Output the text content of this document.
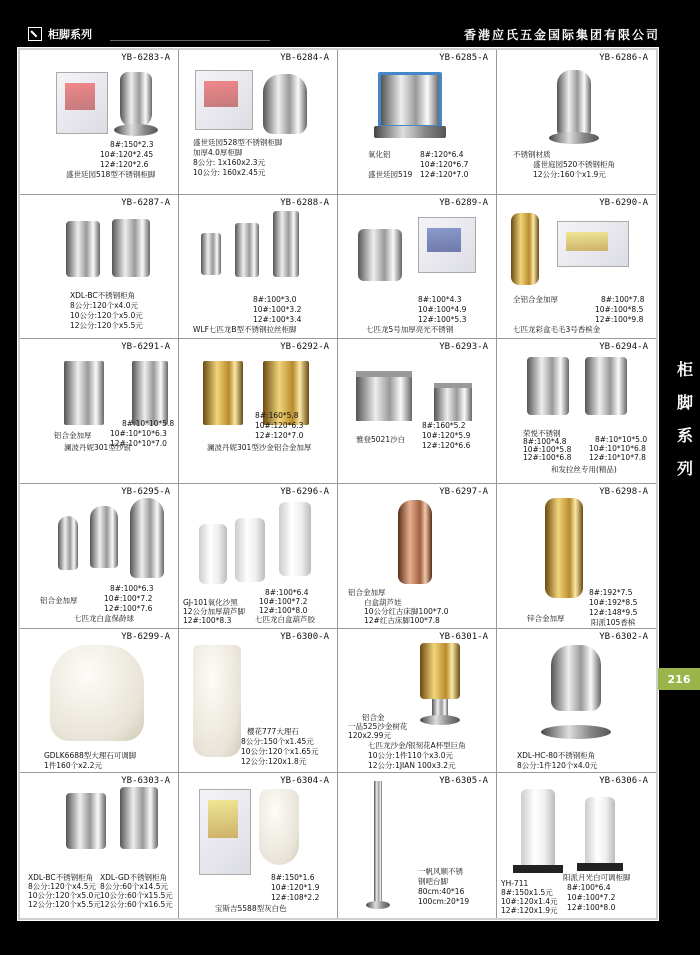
柜脚系列	香港应氏五金国际集团有限公司
YB-6283-A
8#:150*2.3
10#:120*2.45
12#:120*2.6
盛世廷园518型不锈钢柜脚
YB-6284-A
盛世廷园528型不锈钢柜脚
加厚4.0厚柜脚
8公分: 1x160x2.3元
10公分: 160x2.45元
YB-6285-A
氧化铝
盛世廷园519
8#:120*6.4
10#:120*6.7
12#:120*7.0
YB-6286-A
不锈钢材质
盛世庭园520不锈钢柜角
12公分:160个x1.9元
YB-6287-A
XDL-BC不锈钢柜角
8公分:120个x4.0元
10公分:120个x5.0元
12公分:120个x5.5元
YB-6288-A
8#:100*3.0
10#:100*3.2
12#:100*3.4
WLF七匹龙B型不锈钢拉丝柜脚
YB-6289-A
8#:100*4.3
10#:100*4.9
12#:100*5.3
七匹龙5号加厚亮光不锈钢
YB-6290-A
全铝合金加厚	8#:100*7.8
10#:100*8.5
12#:100*9.8
七匹龙彩盒毛毛3号香槟金
YB-6291-A
铝合金加厚
8#:10*10*5.8
10#:10*10*6.3
12#:10*10*7.0
澜波丹妮301型沙银
YB-6292-A
8#:160*5.8
10#:120*6.3
12#:120*7.0
澜波丹妮301型沙金铝合金加厚
YB-6293-A
8#:160*5.2
10#:120*5.9
12#:120*6.6
雅登5021沙白
YB-6294-A
荣悦不锈钢
8#:100*4.8
10#:100*5.8
12#:100*6.8
8#:10*10*5.0
10#:10*10*6.8
12#:10*10*7.8
和发拉丝专用(精品)
YB-6295-A
铝合金加厚
8#:100*6.3
10#:100*7.2
12#:100*7.6
七匹龙白盒保龄球
YB-6296-A
GJ-101氧化沙黑
12公分加厚葫芦脚
12#:100*8.3
8#:100*6.4
10#:100*7.2
12#:100*8.0
七匹龙白盒葫芦胶
YB-6297-A
铝合金加厚
白盒葫芦娃
10公分红古床脚100*7.0
12#红古床脚100*7.8
YB-6298-A
8#:192*7.5
10#:192*8.5
12#:148*9.5
锌合金加厚	阳派105香槟
YB-6299-A
GDLK6688型大理石可调脚
1件160个x2.2元
YB-6300-A
樱花777大理石
8公分:150个x1.45元
10公分:120个x1.65元
12公分:120x1.8元
YB-6301-A
铝合金
一品525沙金树花
120x2.99元
七匹龙沙金/银刻花A杯型巨角
10公分:1件110个x3.0元
12公分:1JIAN 100x3.2元
YB-6302-A
XDL-HC-80不锈钢柜角
8公分:1件120个x4.0元
YB-6303-A
XDL-BC不锈钢柜角
8公分:120个x4.5元
10公分:120个x5.0元
12公分:120个x5.5元
XDL-GD不锈钢柜角
8公分:60个x14.5元
10公分:60个x15.5元
12公分:60个x16.5元
YB-6304-A
8#:150*1.6
10#:120*1.9
12#:108*2.2
宝斯吉5588型灰白色
YB-6305-A
一帆风顺不锈
钢吧台脚
80cm:40*16
100cm:20*19
YB-6306-A
阳派月光白可调柜脚
YH-711
8#:150x1.5元
10#:120x1.4元
12#:120x1.9元
8#:100*6.4
10#:100*7.2
12#:100*8.0
柜
脚
系
列
216
